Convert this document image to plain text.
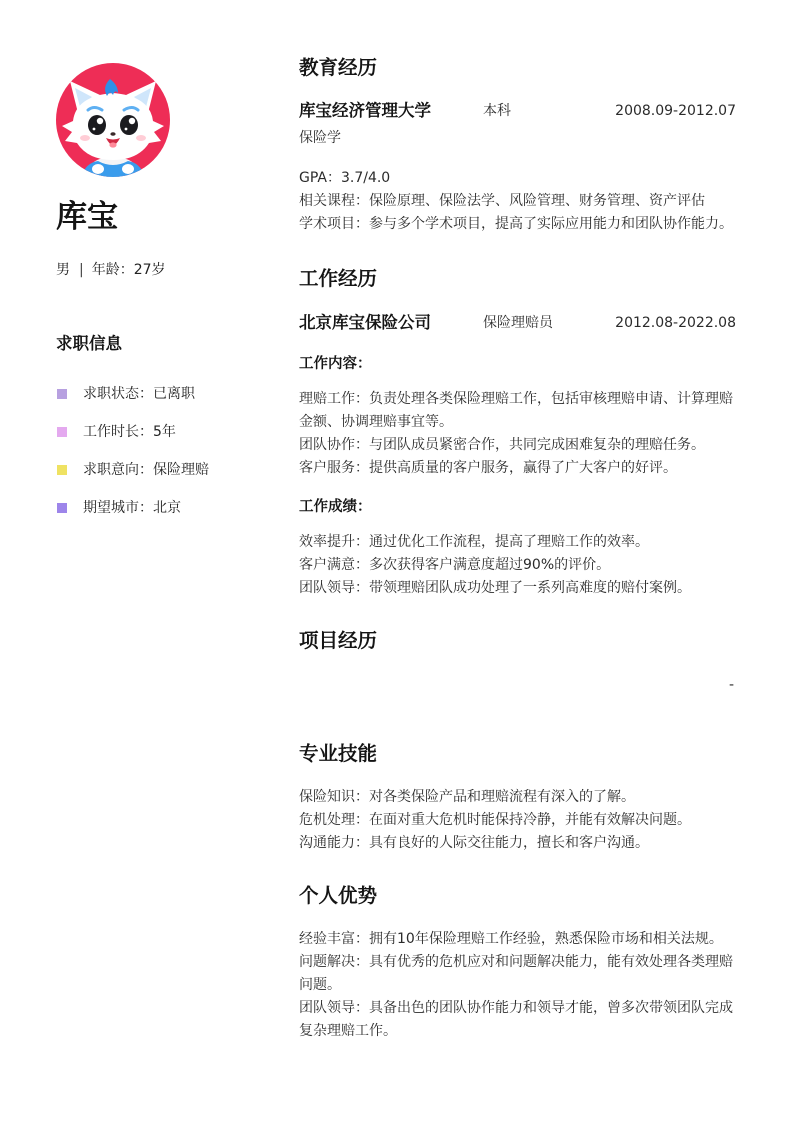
库宝
男 | 年龄：27岁
求职信息
求职状态： 已离职
工作时长： 5年
求职意向： 保险理赔
期望城市： 北京
教育经历
库宝经济管理大学	本科	2008.09-2012.07
保险学
GPA：3.7/4.0
相关课程：保险原理、保险法学、风险管理、财务管理、资产评估
学术项目：参与多个学术项目，提高了实际应用能力和团队协作能力。
工作经历
北京库宝保险公司	保险理赔员	2012.08-2022.08
工作内容：
理赔工作：负责处理各类保险理赔工作，包括审核理赔申请、计算理赔金额、协调理赔事宜等。
团队协作：与团队成员紧密合作，共同完成困难复杂的理赔任务。
客户服务：提供高质量的客户服务，赢得了广大客户的好评。
工作成绩：
效率提升：通过优化工作流程，提高了理赔工作的效率。
客户满意：多次获得客户满意度超过90%的评价。
团队领导：带领理赔团队成功处理了一系列高难度的赔付案例。
项目经历
-
专业技能
保险知识：对各类保险产品和理赔流程有深入的了解。
危机处理：在面对重大危机时能保持冷静，并能有效解决问题。
沟通能力：具有良好的人际交往能力，擅长和客户沟通。
个人优势
经验丰富：拥有10年保险理赔工作经验，熟悉保险市场和相关法规。
问题解决：具有优秀的危机应对和问题解决能力，能有效处理各类理赔问题。
团队领导：具备出色的团队协作能力和领导才能，曾多次带领团队完成复杂理赔工作。
